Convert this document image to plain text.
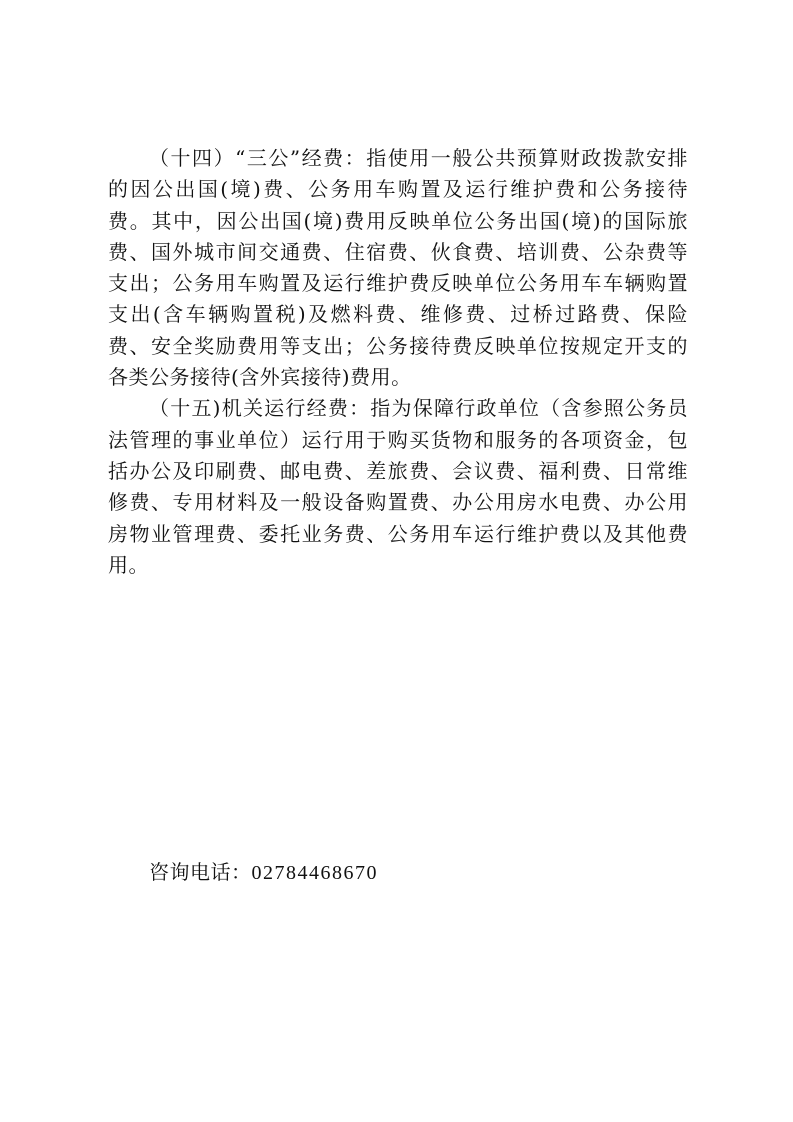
（十四）“三公”经费：指使用一般公共预算财政拨款安排
的因公出国(境)费、公务用车购置及运行维护费和公务接待
费。其中，因公出国(境)费用反映单位公务出国(境)的国际旅
费、国外城市间交通费、住宿费、伙食费、培训费、公杂费等
支出；公务用车购置及运行维护费反映单位公务用车车辆购置
支出(含车辆购置税)及燃料费、维修费、过桥过路费、保险
费、安全奖励费用等支出；公务接待费反映单位按规定开支的
各类公务接待(含外宾接待)费用。
（十五)机关运行经费：指为保障行政单位（含参照公务员
法管理的事业单位）运行用于购买货物和服务的各项资金，包
括办公及印刷费、邮电费、差旅费、会议费、福利费、日常维
修费、专用材料及一般设备购置费、办公用房水电费、办公用
房物业管理费、委托业务费、公务用车运行维护费以及其他费
用。
咨询电话：02784468670
